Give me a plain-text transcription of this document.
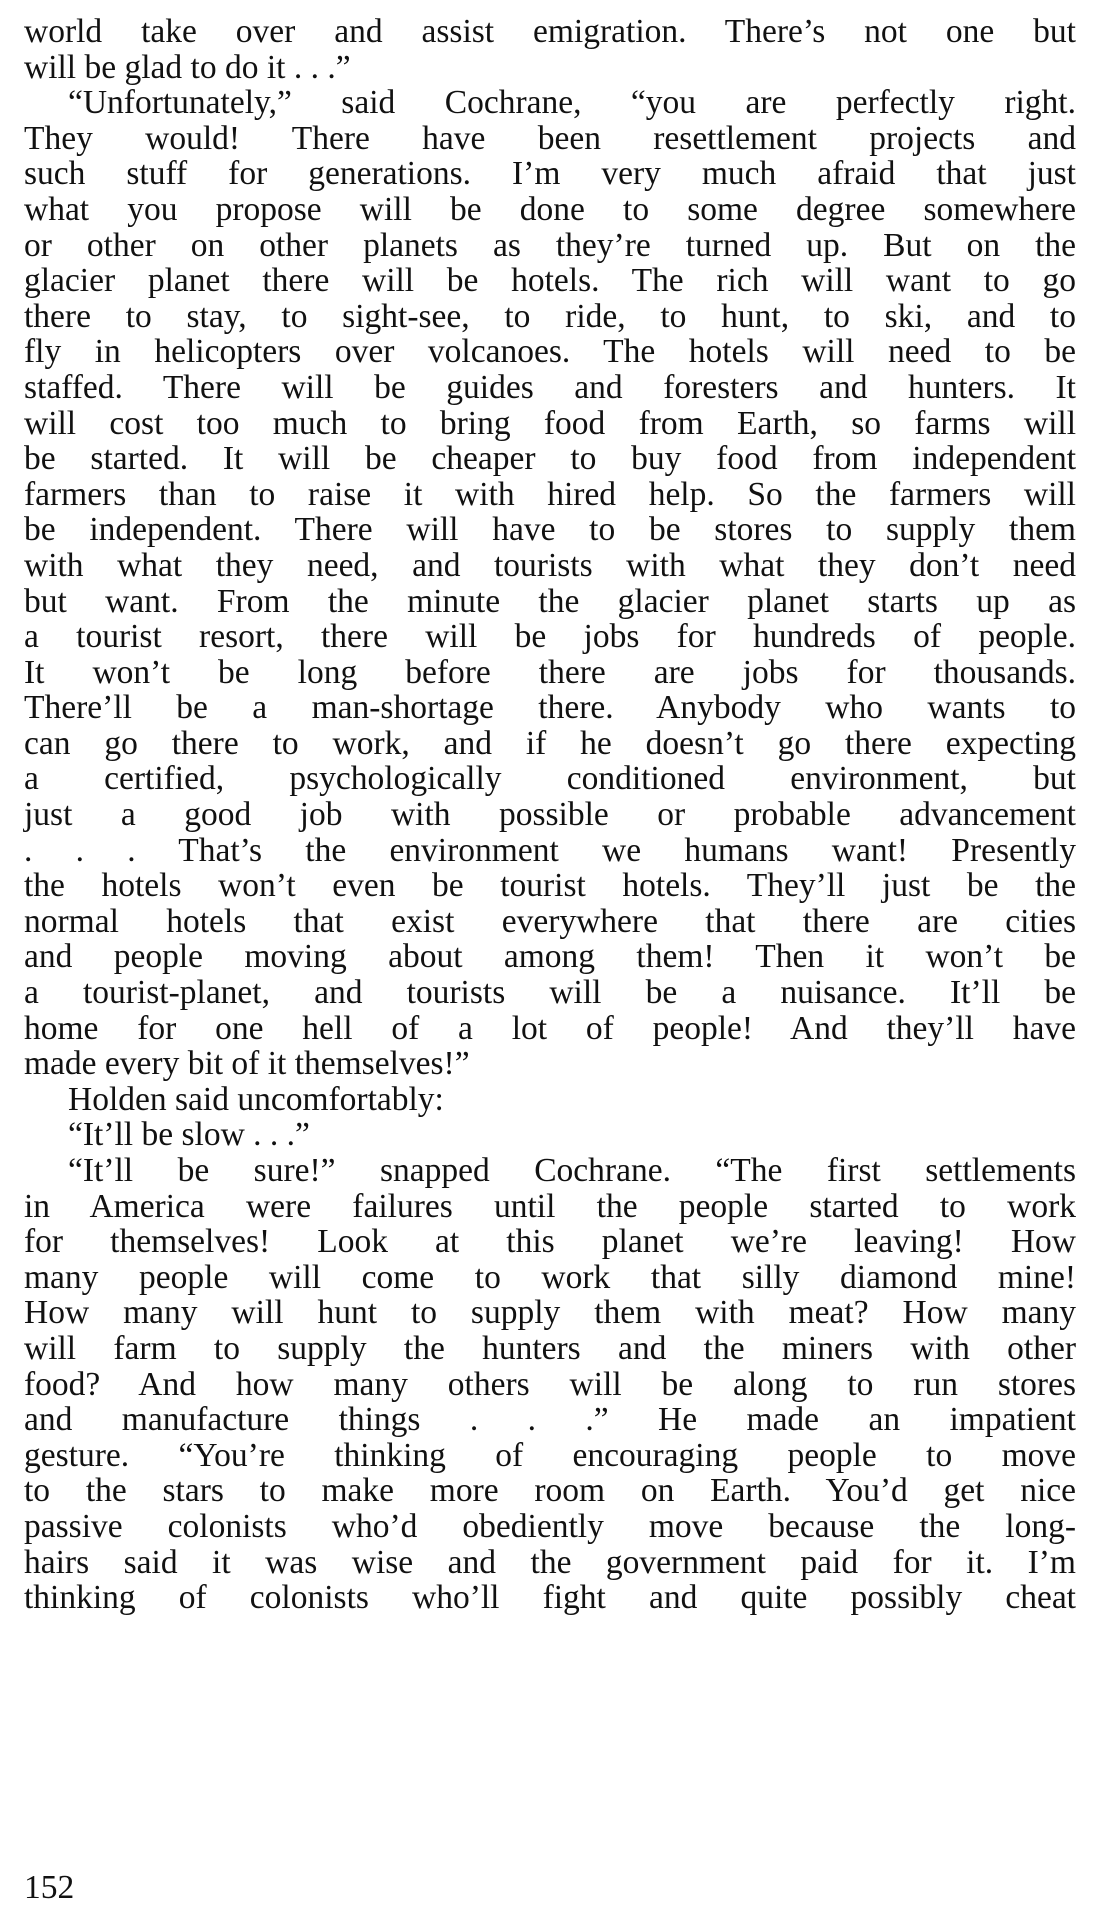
world take over and assist emigration. There’s not one but
will be glad to do it . . .”
“Unfortunately,” said Cochrane, “you are perfectly right.
They would! There have been resettlement projects and
such stuff for generations. I’m very much afraid that just
what you propose will be done to some degree somewhere
or other on other planets as they’re turned up. But on the
glacier planet there will be hotels. The rich will want to go
there to stay, to sight-see, to ride, to hunt, to ski, and to
fly in helicopters over volcanoes. The hotels will need to be
staffed. There will be guides and foresters and hunters. It
will cost too much to bring food from Earth, so farms will
be started. It will be cheaper to buy food from independent
farmers than to raise it with hired help. So the farmers will
be independent. There will have to be stores to supply them
with what they need, and tourists with what they don’t need
but want. From the minute the glacier planet starts up as
a tourist resort, there will be jobs for hundreds of people.
It won’t be long before there are jobs for thousands.
There’ll be a man-shortage there. Anybody who wants to
can go there to work, and if he doesn’t go there expecting
a certified, psychologically conditioned environment, but
just a good job with possible or probable advancement
. . . That’s the environment we humans want! Presently
the hotels won’t even be tourist hotels. They’ll just be the
normal hotels that exist everywhere that there are cities
and people moving about among them! Then it won’t be
a tourist-planet, and tourists will be a nuisance. It’ll be
home for one hell of a lot of people! And they’ll have
made every bit of it themselves!”
Holden said uncomfortably:
“It’ll be slow . . .”
“It’ll be sure!” snapped Cochrane. “The first settlements
in America were failures until the people started to work
for themselves! Look at this planet we’re leaving! How
many people will come to work that silly diamond mine!
How many will hunt to supply them with meat? How many
will farm to supply the hunters and the miners with other
food? And how many others will be along to run stores
and manufacture things . . .” He made an impatient
gesture. “You’re thinking of encouraging people to move
to the stars to make more room on Earth. You’d get nice
passive colonists who’d obediently move because the long-
hairs said it was wise and the government paid for it. I’m
thinking of colonists who’ll fight and quite possibly cheat
152
